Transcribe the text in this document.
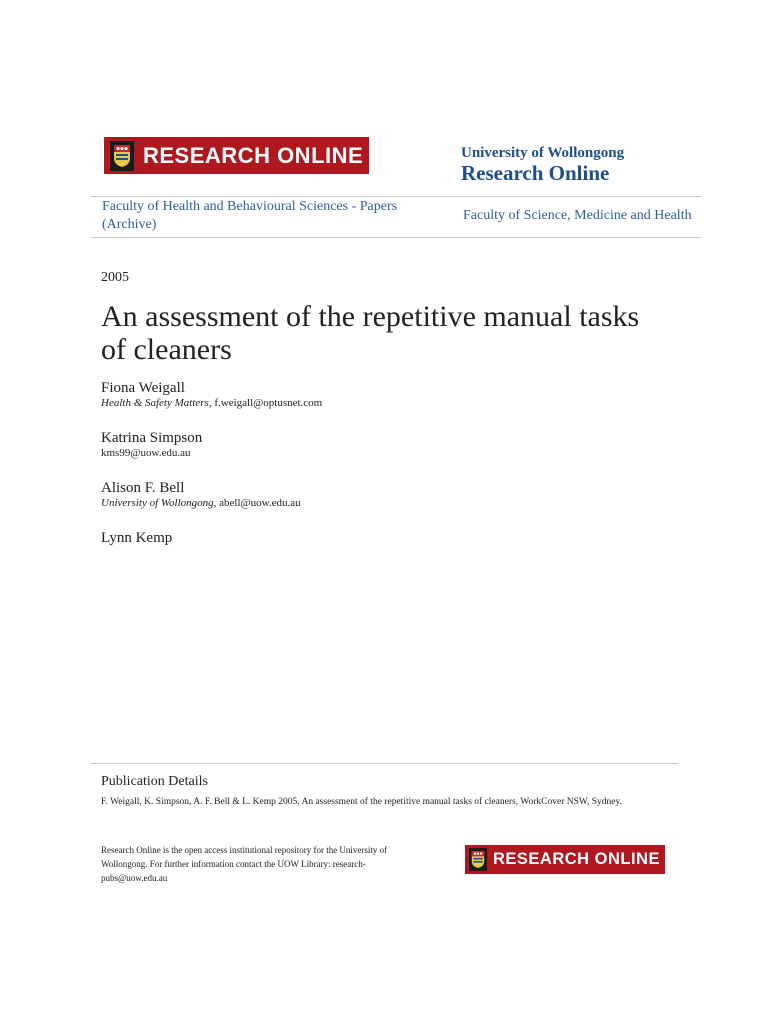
RESEARCH ONLINE	University of Wollongong
Research Online
Faculty of Health and Behavioural Sciences - Papers (Archive)
Faculty of Science, Medicine and Health
2005
An assessment of the repetitive manual tasks of cleaners
Fiona Weigall
Health & Safety Matters, f.weigall@optusnet.com
Katrina Simpson
kms99@uow.edu.au
Alison F. Bell
University of Wollongong, abell@uow.edu.au
Lynn Kemp
Publication Details
F. Weigall, K. Simpson, A. F. Bell & L. Kemp 2005, An assessment of the repetitive manual tasks of cleaners, WorkCover NSW, Sydney.
Research Online is the open access institutional repository for the University of Wollongong. For further information contact the UOW Library: research-pubs@uow.edu.au
RESEARCH ONLINE
